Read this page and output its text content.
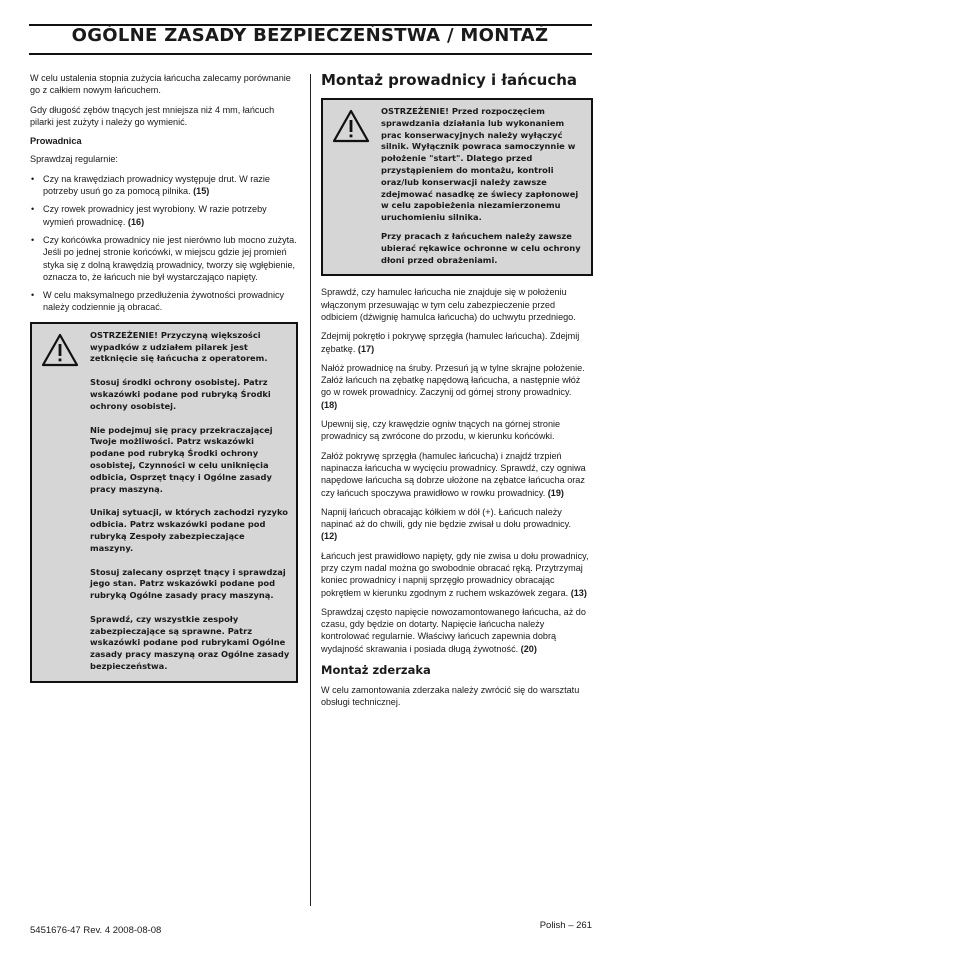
OGÓLNE ZASADY BEZPIECZEŃSTWA / MONTAŻ

W celu ustalenia stopnia zużycia łańcucha zalecamy porównanie go z całkiem nowym łańcuchem.

Gdy długość zębów tnących jest mniejsza niż 4 mm, łańcuch pilarki jest zużyty i należy go wymienić.

Prowadnica

Sprawdzaj regularnie:

• Czy na krawędziach prowadnicy występuje drut. W razie potrzeby usuń go za pomocą pilnika. (15)
• Czy rowek prowadnicy jest wyrobiony. W razie potrzeby wymień prowadnicę. (16)
• Czy końcówka prowadnicy nie jest nierówno lub mocno zużyta. Jeśli po jednej stronie końcówki, w miejscu gdzie jej promień styka się z dolną krawędzią prowadnicy, tworzy się wgłębienie, oznacza to, że łańcuch nie był wystarczająco napięty.
• W celu maksymalnego przedłużenia żywotności prowadnicy należy codziennie ją obracać.

OSTRZEŻENIE! Przyczyną większości wypadków z udziałem pilarek jest zetknięcie się łańcucha z operatorem.

Stosuj środki ochrony osobistej. Patrz wskazówki podane pod rubryką Środki ochrony osobistej.

Nie podejmuj się pracy przekraczającej Twoje możliwości. Patrz wskazówki podane pod rubryką Środki ochrony osobistej, Czynności w celu uniknięcia odbicia, Osprzęt tnący i Ogólne zasady pracy maszyną.

Unikaj sytuacji, w których zachodzi ryzyko odbicia. Patrz wskazówki podane pod rubryką Zespoły zabezpieczające maszyny.

Stosuj zalecany osprzęt tnący i sprawdzaj jego stan. Patrz wskazówki podane pod rubryką Ogólne zasady pracy maszyną.

Sprawdź, czy wszystkie zespoły zabezpieczające są sprawne. Patrz wskazówki podane pod rubrykami Ogólne zasady pracy maszyną oraz Ogólne zasady bezpieczeństwa.

Montaż prowadnicy i łańcucha

OSTRZEŻENIE! Przed rozpoczęciem sprawdzania działania lub wykonaniem prac konserwacyjnych należy wyłączyć silnik. Wyłącznik powraca samoczynnie w położenie "start". Dlatego przed przystąpieniem do montażu, kontroli oraz/lub konserwacji należy zawsze zdejmować nasadkę ze świecy zapłonowej w celu zapobieżenia niezamierzonemu uruchomieniu silnika.

Przy pracach z łańcuchem należy zawsze ubierać rękawice ochronne w celu ochrony dłoni przed obrażeniami.

Sprawdź, czy hamulec łańcucha nie znajduje się w położeniu włączonym przesuwając w tym celu zabezpieczenie przed odbiciem (dźwignię hamulca łańcucha) do uchwytu przedniego.

Zdejmij pokrętło i pokrywę sprzęgła (hamulec łańcucha). Zdejmij zębatkę. (17)

Nałóż prowadnicę na śruby. Przesuń ją w tylne skrajne położenie. Załóż łańcuch na zębatkę napędową łańcucha, a następnie włóż go w rowek prowadnicy. Zaczynij od górnej strony prowadnicy. (18)

Upewnij się, czy krawędzie ogniw tnących na górnej stronie prowadnicy są zwrócone do przodu, w kierunku końcówki.

Załóż pokrywę sprzęgła (hamulec łańcucha) i znajdź trzpień napinacza łańcucha w wycięciu prowadnicy. Sprawdź, czy ogniwa napędowe łańcucha są dobrze ułożone na zębatce łańcucha oraz czy łańcuch spoczywa prawidłowo w rowku prowadnicy. (19)

Napnij łańcuch obracając kółkiem w dół (+). Łańcuch należy napinać aż do chwili, gdy nie będzie zwisał u dołu prowadnicy. (12)

Łańcuch jest prawidłowo napięty, gdy nie zwisa u dołu prowadnicy, przy czym nadal można go swobodnie obracać ręką. Przytrzymaj koniec prowadnicy i napnij sprzęgło prowadnicy obracając pokrętłem w kierunku zgodnym z ruchem wskazówek zegara. (13)

Sprawdzaj często napięcie nowozamontowanego łańcucha, aż do czasu, gdy będzie on dotarty. Napięcie łańcucha należy kontrolować regularnie. Właściwy łańcuch zapewnia dobrą wydajność skrawania i posiada długą żywotność. (20)

Montaż zderzaka

W celu zamontowania zderzaka należy zwrócić się do warsztatu obsługi technicznej.

5451676-47 Rev. 4 2008-08-08	Polish – 261
